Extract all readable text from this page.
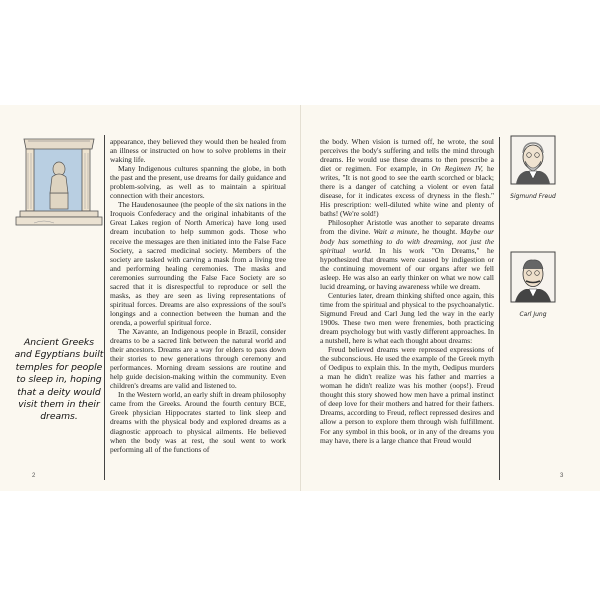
Ancient Greeks and Egyptians built temples for people to sleep in, hoping that a deity would visit them in their dreams.

appearance, they believed they would then be healed from an illness or instructed on how to solve problems in their waking life.

Many Indigenous cultures spanning the globe, in both the past and the present, use dreams for daily guidance and problem-solving, as well as to maintain a spiritual connection with their ancestors.

The Haudenosaunee (the people of the six nations in the Iroquois Confederacy and the original inhabitants of the Great Lakes region of North America) have long used dream incubation to help summon gods. Those who receive the messages are then initiated into the False Face Society, a sacred medicinal society. Members of the society are tasked with carving a mask from a living tree and performing healing ceremonies. The masks and ceremonies surrounding the False Face Society are so sacred that it is disrespectful to reproduce or sell the masks, as they are seen as living representations of spiritual forces. Dreams are also expressions of the soul's longings and a connection between the human and the orenda, a powerful spiritual force.

The Xavante, an Indigenous people in Brazil, consider dreams to be a sacred link between the natural world and their ancestors. Dreams are a way for elders to pass down their stories to new generations through ceremony and performances. Morning dream sessions are routine and help guide decision-making within the community. Even children's dreams are valid and listened to.

In the Western world, an early shift in dream philosophy came from the Greeks. Around the fourth century BCE, Greek physician Hippocrates started to link sleep and dreams with the physical body and explored dreams as a diagnostic approach to physical ailments. He believed when the body was at rest, the soul went to work performing all of the functions of

the body. When vision is turned off, he wrote, the soul perceives the body's suffering and tells the mind through dreams. He would use these dreams to then prescribe a diet or regimen. For example, in On Regimen IV, he writes, "It is not good to see the earth scorched or black; there is a danger of catching a violent or even fatal disease, for it indicates excess of dryness in the flesh." His prescription: well-diluted white wine and plenty of baths! (We're sold!)

Philosopher Aristotle was another to separate dreams from the divine. Wait a minute, he thought. Maybe our body has something to do with dreaming, not just the spiritual world. In his work "On Dreams," he hypothesized that dreams were caused by indigestion or the continuing movement of our organs after we fell asleep. He was also an early thinker on what we now call lucid dreaming, or having awareness while we dream.

Centuries later, dream thinking shifted once again, this time from the spiritual and physical to the psychoanalytic. Sigmund Freud and Carl Jung led the way in the early 1900s. These two men were frenemies, both practicing dream psychology but with vastly different approaches. In a nutshell, here is what each thought about dreams:

Freud believed dreams were repressed expressions of the subconscious. He used the example of the Greek myth of Oedipus to explain this. In the myth, Oedipus murders a man he didn't realize was his father and marries a woman he didn't realize was his mother (oops!). Freud thought this story showed how men have a primal instinct of deep love for their mothers and hatred for their fathers. Dreams, according to Freud, reflect repressed desires and allow a person to explore them through wish fulfillment. For any symbol in this book, or in any of the dreams you may have, there is a large chance that Freud would

Sigmund Freud
Carl Jung
2	3
